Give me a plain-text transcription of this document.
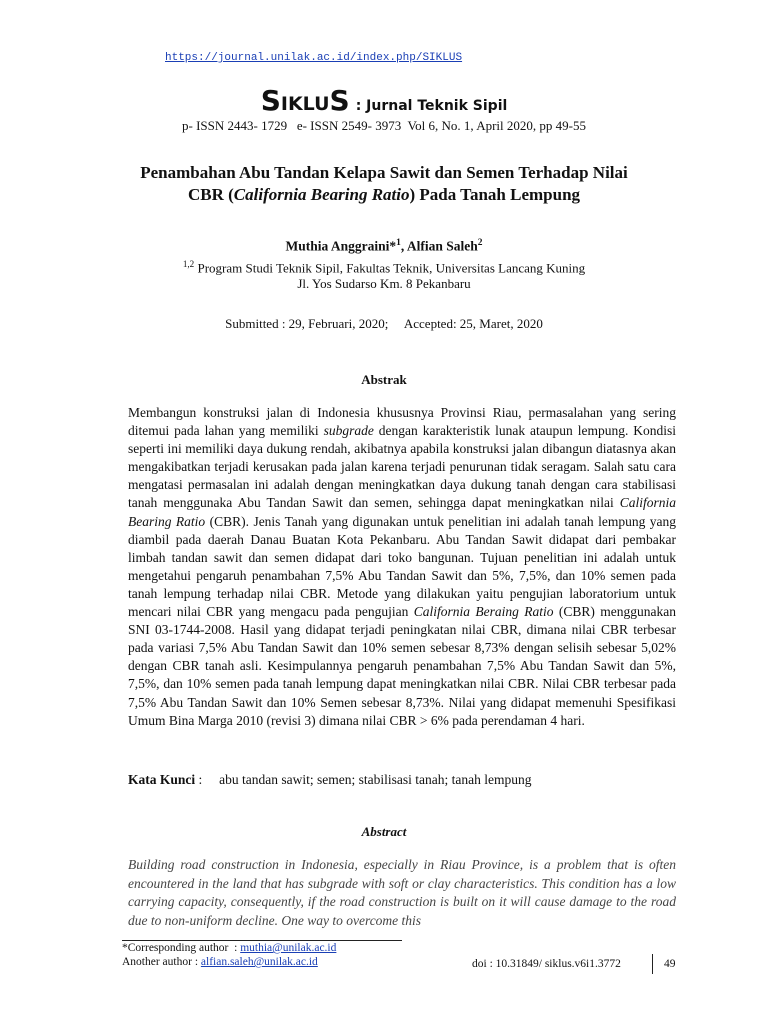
https://journal.unilak.ac.id/index.php/SIKLUS
SIKLUS : Jurnal Teknik Sipil
p- ISSN 2443- 1729   e- ISSN 2549- 3973  Vol 6, No. 1, April 2020, pp 49-55
Penambahan Abu Tandan Kelapa Sawit dan Semen Terhadap Nilai
CBR (California Bearing Ratio) Pada Tanah Lempung
Muthia Anggraini*$^1$, Alfian Saleh$^2$
$^{1,2}$ Program Studi Teknik Sipil, Fakultas Teknik, Universitas Lancang Kuning
Jl. Yos Sudarso Km. 8 Pekanbaru
Submitted : 29, Februari, 2020;     Accepted: 25, Maret, 2020
Abstrak
Membangun konstruksi jalan di Indonesia khususnya Provinsi Riau, permasalahan yang sering ditemui pada lahan yang memiliki subgrade dengan karakteristik lunak ataupun lempung. Kondisi seperti ini memiliki daya dukung rendah, akibatnya apabila konstruksi jalan dibangun diatasnya akan mengakibatkan terjadi kerusakan pada jalan karena terjadi penurunan tidak seragam. Salah satu cara mengatasi permasalan ini adalah dengan meningkatkan daya dukung tanah dengan cara stabilisasi tanah menggunaka Abu Tandan Sawit dan semen, sehingga dapat meningkatkan nilai California Bearing Ratio (CBR). Jenis Tanah yang digunakan untuk penelitian ini adalah tanah lempung yang diambil pada daerah Danau Buatan Kota Pekanbaru. Abu Tandan Sawit didapat dari pembakar limbah tandan sawit dan semen didapat dari toko bangunan. Tujuan penelitian ini adalah untuk mengetahui pengaruh penambahan 7,5% Abu Tandan Sawit dan 5%, 7,5%, dan 10% semen pada tanah lempung terhadap nilai CBR. Metode yang dilakukan yaitu pengujian laboratorium untuk mencari nilai CBR yang mengacu pada pengujian California Beraing Ratio (CBR) menggunakan SNI 03-1744-2008. Hasil yang didapat terjadi peningkatan nilai CBR, dimana nilai CBR terbesar pada variasi 7,5% Abu Tandan Sawit dan 10% semen sebesar 8,73% dengan selisih sebesar 5,02% dengan CBR tanah asli. Kesimpulannya pengaruh penambahan 7,5% Abu Tandan Sawit dan 5%, 7,5%, dan 10% semen pada tanah lempung dapat meningkatkan nilai CBR. Nilai CBR terbesar pada 7,5% Abu Tandan Sawit dan 10% Semen sebesar 8,73%. Nilai yang didapat memenuhi Spesifikasi Umum Bina Marga 2010 (revisi 3) dimana nilai CBR > 6% pada perendaman 4 hari.
Kata Kunci :     abu tandan sawit; semen; stabilisasi tanah; tanah lempung
Abstract
Building road construction in Indonesia, especially in Riau Province, is a problem that is often encountered in the land that has subgrade with soft or clay characteristics. This condition has a low carrying capacity, consequently, if the road construction is built on it will cause damage to the road due to non-uniform decline. One way to overcome this
*Corresponding author  : muthia@unilak.ac.id
Another author : alfian.saleh@unilak.ac.id	doi : 10.31849/ siklus.v6i1.3772	49
